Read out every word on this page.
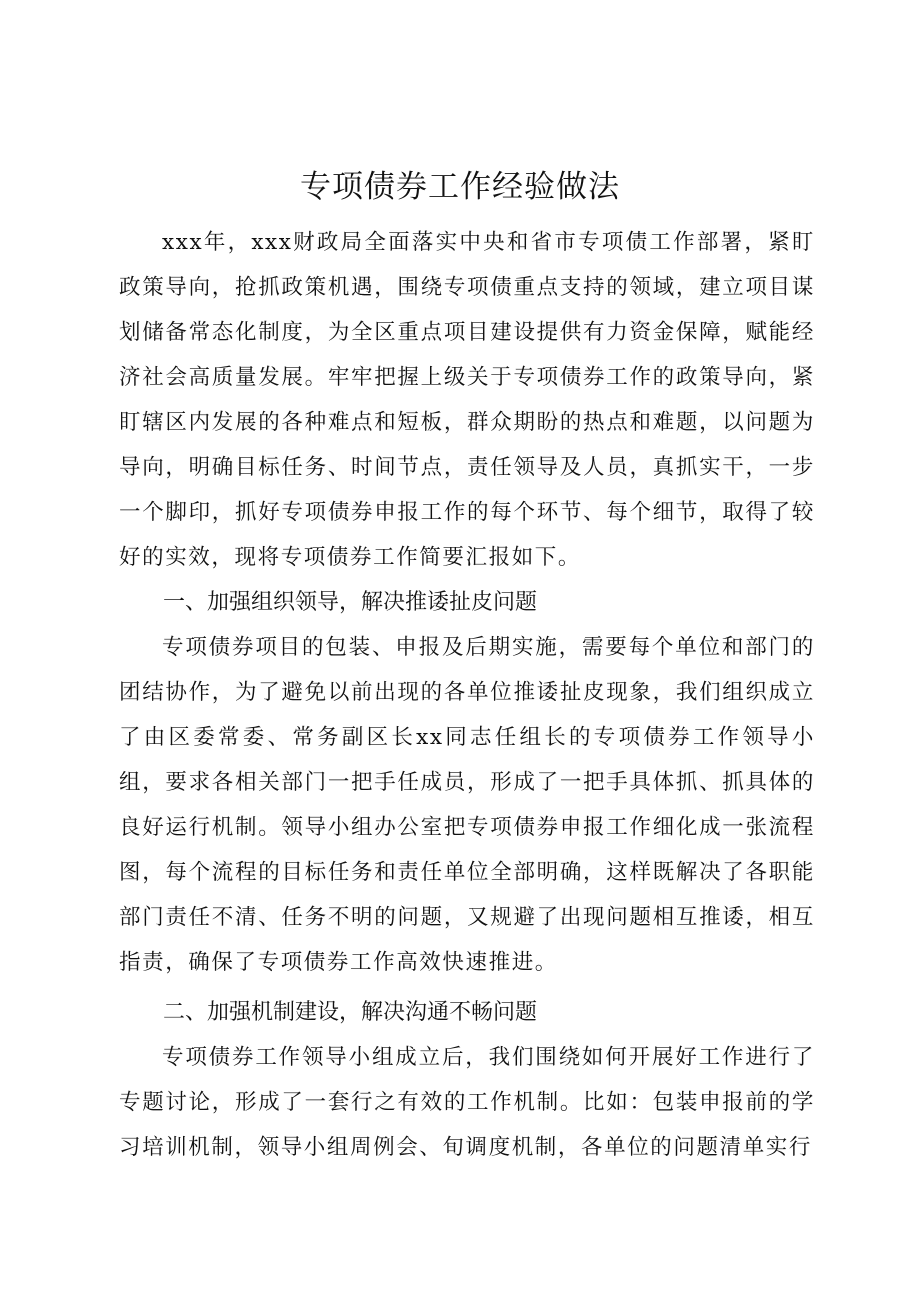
专项债券工作经验做法

xxx年，xxx财政局全面落实中央和省市专项债工作部署，紧盯政策导向，抢抓政策机遇，围绕专项债重点支持的领域，建立项目谋划储备常态化制度，为全区重点项目建设提供有力资金保障，赋能经济社会高质量发展。牢牢把握上级关于专项债券工作的政策导向，紧盯辖区内发展的各种难点和短板，群众期盼的热点和难题，以问题为导向，明确目标任务、时间节点，责任领导及人员，真抓实干，一步一个脚印，抓好专项债券申报工作的每个环节、每个细节，取得了较好的实效，现将专项债券工作简要汇报如下。

一、加强组织领导，解决推诿扯皮问题

专项债券项目的包装、申报及后期实施，需要每个单位和部门的团结协作，为了避免以前出现的各单位推诿扯皮现象，我们组织成立了由区委常委、常务副区长xx同志任组长的专项债券工作领导小组，要求各相关部门一把手任成员，形成了一把手具体抓、抓具体的良好运行机制。领导小组办公室把专项债券申报工作细化成一张流程图，每个流程的目标任务和责任单位全部明确，这样既解决了各职能部门责任不清、任务不明的问题，又规避了出现问题相互推诿，相互指责，确保了专项债券工作高效快速推进。

二、加强机制建设，解决沟通不畅问题

专项债券工作领导小组成立后，我们围绕如何开展好工作进行了专题讨论，形成了一套行之有效的工作机制。比如：包装申报前的学习培训机制，领导小组周例会、旬调度机制，各单位的问题清单实行
